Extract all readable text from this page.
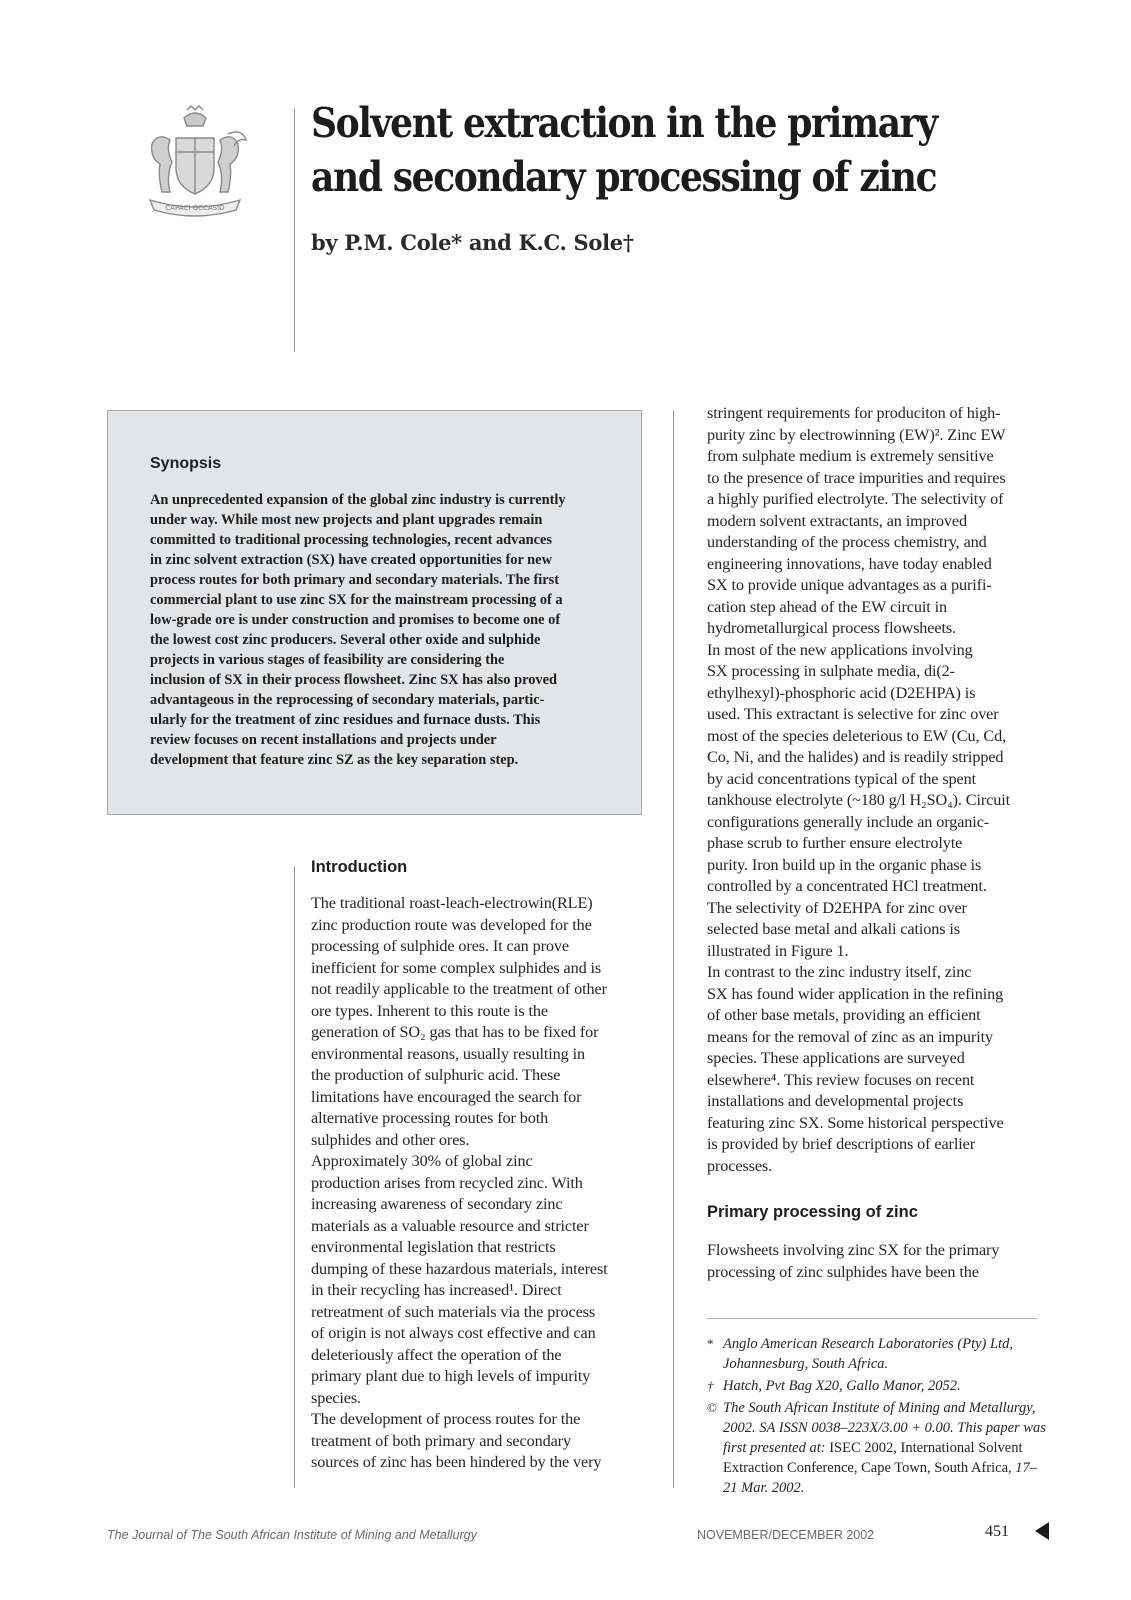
CAPACI OCCASIO
Solvent extraction in the primary and secondary processing of zinc

by P.M. Cole* and K.C. Sole†

Synopsis

An unprecedented expansion of the global zinc industry is currently
under way. While most new projects and plant upgrades remain
committed to traditional processing technologies, recent advances
in zinc solvent extraction (SX) have created opportunities for new
process routes for both primary and secondary materials. The first
commercial plant to use zinc SX for the mainstream processing of a
low-grade ore is under construction and promises to become one of
the lowest cost zinc producers. Several other oxide and sulphide
projects in various stages of feasibility are considering the
inclusion of SX in their process flowsheet. Zinc SX has also proved
advantageous in the reprocessing of secondary materials, partic-
ularly for the treatment of zinc residues and furnace dusts. This
review focuses on recent installations and projects under
development that feature zinc SZ as the key separation step.

Introduction

The traditional roast-leach-electrowin(RLE)
zinc production route was developed for the
processing of sulphide ores. It can prove
inefficient for some complex sulphides and is
not readily applicable to the treatment of other
ore types. Inherent to this route is the
generation of SO₂ gas that has to be fixed for
environmental reasons, usually resulting in
the production of sulphuric acid. These
limitations have encouraged the search for
alternative processing routes for both
sulphides and other ores.
Approximately 30% of global zinc
production arises from recycled zinc. With
increasing awareness of secondary zinc
materials as a valuable resource and stricter
environmental legislation that restricts
dumping of these hazardous materials, interest
in their recycling has increased¹. Direct
retreatment of such materials via the process
of origin is not always cost effective and can
deleteriously affect the operation of the
primary plant due to high levels of impurity
species.
The development of process routes for the
treatment of both primary and secondary
sources of zinc has been hindered by the very

stringent requirements for produciton of high-
purity zinc by electrowinning (EW)². Zinc EW
from sulphate medium is extremely sensitive
to the presence of trace impurities and requires
a highly purified electrolyte. The selectivity of
modern solvent extractants, an improved
understanding of the process chemistry, and
engineering innovations, have today enabled
SX to provide unique advantages as a purifi-
cation step ahead of the EW circuit in
hydrometallurgical process flowsheets.
In most of the new applications involving
SX processing in sulphate media, di(2-
ethylhexyl)-phosphoric acid (D2EHPA) is
used. This extractant is selective for zinc over
most of the species deleterious to EW (Cu, Cd,
Co, Ni, and the halides) and is readily stripped
by acid concentrations typical of the spent
tankhouse electrolyte (~180 g/l H₂SO₄). Circuit
configurations generally include an organic-
phase scrub to further ensure electrolyte
purity. Iron build up in the organic phase is
controlled by a concentrated HCl treatment.
The selectivity of D2EHPA for zinc over
selected base metal and alkali cations is
illustrated in Figure 1.
In contrast to the zinc industry itself, zinc
SX has found wider application in the refining
of other base metals, providing an efficient
means for the removal of zinc as an impurity
species. These applications are surveyed
elsewhere⁴. This review focuses on recent
installations and developmental projects
featuring zinc SX. Some historical perspective
is provided by brief descriptions of earlier
processes.

Primary processing of zinc

Flowsheets involving zinc SX for the primary
processing of zinc sulphides have been the

* Anglo American Research Laboratories (Pty) Ltd, Johannesburg, South Africa.
† Hatch, Pvt Bag X20, Gallo Manor, 2052.
© The South African Institute of Mining and Metallurgy, 2002. SA ISSN 0038–223X/3.00 + 0.00. This paper was first presented at: ISEC 2002, International Solvent Extraction Conference, Cape Town, South Africa, 17–21 Mar. 2002.

The Journal of The South African Institute of Mining and Metallurgy	NOVEMBER/DECEMBER 2002	451
